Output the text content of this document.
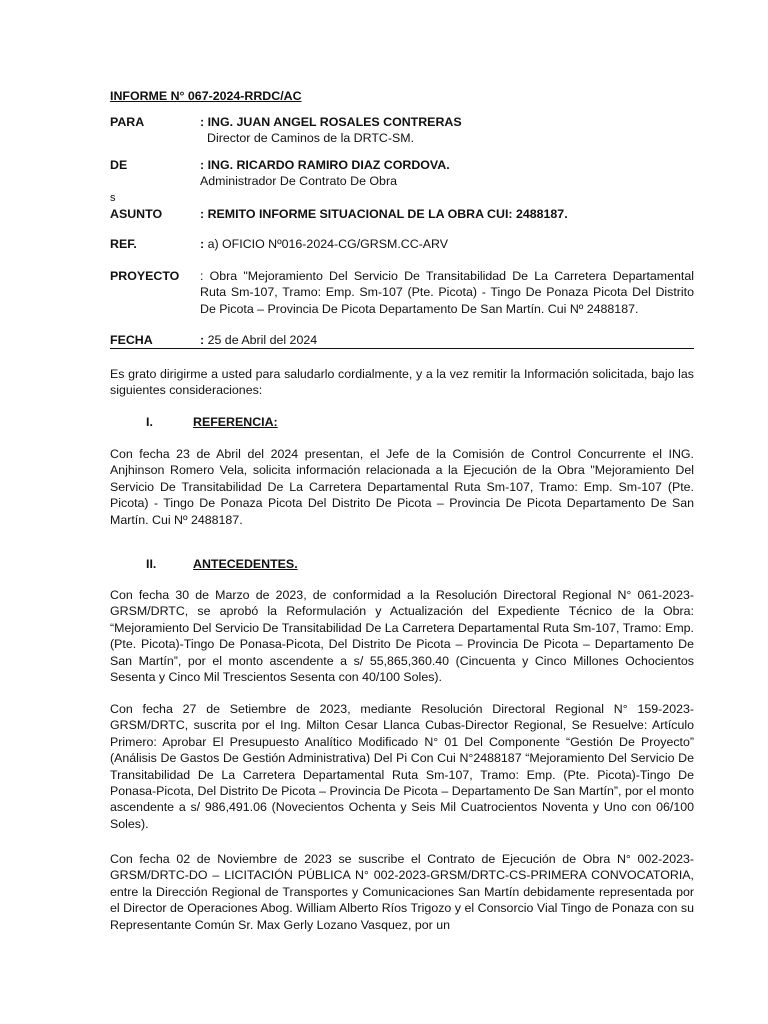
INFORME N° 067-2024-RRDC/AC
PARA	: ING. JUAN ANGEL ROSALES CONTRERAS
Director de Caminos de la DRTC-SM.
DE	: ING. RICARDO RAMIRO DIAZ CORDOVA.
Administrador De Contrato De Obra
s
ASUNTO	: REMITO INFORME SITUACIONAL DE LA OBRA CUI: 2488187.
REF.	: a) OFICIO Nº016-2024-CG/GRSM.CC-ARV
PROYECTO : Obra "Mejoramiento Del Servicio De Transitabilidad De La Carretera Departamental Ruta Sm-107, Tramo: Emp. Sm-107 (Pte. Picota) - Tingo De Ponaza Picota Del Distrito De Picota – Provincia De Picota Departamento De San Martín. Cui Nº 2488187.
FECHA	: 25 de Abril del 2024
Es grato dirigirme a usted para saludarlo cordialmente, y a la vez remitir la Información solicitada, bajo las siguientes consideraciones:
I.	REFERENCIA:
Con fecha 23 de Abril del 2024 presentan, el Jefe de la Comisión de Control Concurrente el ING. Anjhinson Romero Vela, solicita información relacionada a la Ejecución de la Obra "Mejoramiento Del Servicio De Transitabilidad De La Carretera Departamental Ruta Sm-107, Tramo: Emp. Sm-107 (Pte. Picota) - Tingo De Ponaza Picota Del Distrito De Picota – Provincia De Picota Departamento De San Martín. Cui Nº 2488187.
II.	ANTECEDENTES.
Con fecha 30 de Marzo de 2023, de conformidad a la Resolución Directoral Regional N° 061-2023-GRSM/DRTC, se aprobó la Reformulación y Actualización del Expediente Técnico de la Obra: “Mejoramiento Del Servicio De Transitabilidad De La Carretera Departamental Ruta Sm-107, Tramo: Emp. (Pte. Picota)-Tingo De Ponasa-Picota, Del Distrito De Picota – Provincia De Picota – Departamento De San Martín”, por el monto ascendente a s/ 55,865,360.40 (Cincuenta y Cinco Millones Ochocientos Sesenta y Cinco Mil Trescientos Sesenta con 40/100 Soles).
Con fecha 27 de Setiembre de 2023, mediante Resolución Directoral Regional N° 159-2023-GRSM/DRTC, suscrita por el Ing. Milton Cesar Llanca Cubas-Director Regional, Se Resuelve: Artículo Primero: Aprobar El Presupuesto Analítico Modificado N° 01 Del Componente “Gestión De Proyecto” (Análisis De Gastos De Gestión Administrativa) Del Pi Con Cui N°2488187 “Mejoramiento Del Servicio De Transitabilidad De La Carretera Departamental Ruta Sm-107, Tramo: Emp. (Pte. Picota)-Tingo De Ponasa-Picota, Del Distrito De Picota – Provincia De Picota – Departamento De San Martín”, por el monto ascendente a s/ 986,491.06 (Novecientos Ochenta y Seis Mil Cuatrocientos Noventa y Uno con 06/100 Soles).
Con fecha 02 de Noviembre de 2023 se suscribe el Contrato de Ejecución de Obra N° 002-2023-GRSM/DRTC-DO – LICITACIÓN PÚBLICA N° 002-2023-GRSM/DRTC-CS-PRIMERA CONVOCATORIA, entre la Dirección Regional de Transportes y Comunicaciones San Martín debidamente representada por el Director de Operaciones Abog. William Alberto Ríos Trigozo y el Consorcio Vial Tingo de Ponaza con su Representante Común Sr. Max Gerly Lozano Vasquez, por un
